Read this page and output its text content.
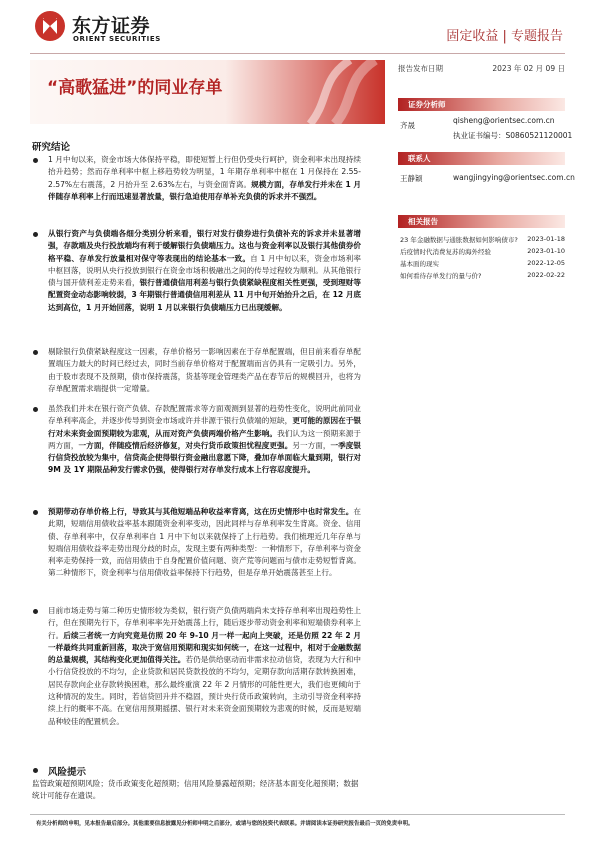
东方证券
ORIENT SECURITIES	固定收益 | 专题报告
“高歌猛进”的同业存单
报告发布日期	2023 年 02 月 09 日
证券分析师
齐晟
qisheng@orientsec.com.cn
执业证书编号：S0860521120001
联系人
王静颖	wangjingying@orientsec.com.cn
相关报告
23 年金融数据与通胀数据如何影响债市? 2023-01-18
后疫情时代消费复苏的海外经验	2023-01-10
基本面的现实	2022-12-05
如何看待存单发行的量与价?	2022-02-22
研究结论
1 月中旬以来，资金市场大体保持平稳，即使短暂上行但仍受央行呵护，资金利率未出现持续抬升趋势；然而存单利率中枢上移趋势较为明显，1 年期存单利率中枢在 1 月保持在 2.55-2.57%左右震荡，2 月抬升至 2.63%左右，与资金面背离。规模方面，存单发行并未在 1 月伴随存单利率上行而迅速显著放量，银行急迫使用存单补充负债的诉求并不强烈。
从银行资产与负债端各细分类别分析来看，银行对发行债券进行负债补充的诉求并未显著增强，存款端及央行投放端均有利于缓解银行负债端压力。这也与资金利率以及银行其他债券价格平稳、存单发行放量相对保守等表现出的结论基本一致。自 1 月中旬以来，资金市场利率中枢回落，说明从央行投放到银行在资金市场积极融出之间的传导过程较为顺利。从其他银行债与国开债利差走势来看，银行普通债信用利差与银行负债紧缺程度相关性更强，受到理财等配置资金动态影响较弱，3 年期银行普通债信用利差从 11 月中旬开始抬升之后，在 12 月底达到高位，1 月开始回落，说明 1 月以来银行负债端压力已出现缓解。
剔除银行负债紧缺程度这一因素，存单价格另一影响因素在于存单配置端，但目前来看存单配置端压力最大的时间已经过去，同时当前存单价格对于配置端而言仍具有一定吸引力。另外，由于股市表现不及预期，债市保持震荡，货基等现金管理类产品在春节后的规模回升，也将为存单配置需求端提供一定增量。
虽然我们并未在银行资产负债、存款配置需求等方面观测到显著的趋势性变化，说明此前同业存单利率高企，并逐步传导到资金市场或许并非源于银行负债端的短缺，更可能的原因在于银行对未来资金面预期较为悲观，从而对资产负债两端价格产生影响。我们认为这一预期来源于两方面，一方面，伴随疫情后经济修复，对央行货币政策担忧程度更强。另一方面，一季度银行信贷投放较为集中，信贷高企使得银行资金融出意愿下降，叠加存单面临大量到期，银行对 9M 及 1Y 期限品种发行需求仍强，使得银行对存单发行成本上行容忍度提升。
预期带动存单价格上行，导致其与其他短端品种收益率背离，这在历史情形中也时常发生。在此期，短端信用债收益率基本跟随资金利率变动，因此同样与存单利率发生背离。资金、信用债、存单利率中，仅存单利率自 1 月中下旬以来就保持了上行趋势。我们梳理近几年存单与短端信用债收益率走势出现分歧的时点，发现主要有两种类型：一种情形下，存单利率与资金利率走势保持一致，而信用债由于自身配置价值问题、资产荒等问题而与债市走势短暂背离。第二种情形下，资金利率与信用债收益率保持下行趋势，但是存单开始震荡甚至上行。
目前市场走势与第二种历史情形较为类似，银行资产负债两端尚未支持存单利率出现趋势性上行，但在预期先行下，存单利率率先开始震荡上行，随后逐步带动资金利率和短端债券利率上行。后续三者统一方向究竟是仿照 20 年 9-10 月一样一起向上突破，还是仿照 22 年 2 月一样最终共同重新回落，取决于宽信用预期和现实如何统一，在这一过程中，相对于金融数据的总量规模，其结构变化更加值得关注。若仍是供给驱动而非需求拉动信贷，表现为大行和中小行信贷投放的不均匀，企业贷款和居民贷款投放的不均匀，定期存款向活期存款转换困难，居民存款向企业存款转换困难，那么最终重演 22 年 2 月情形的可能性更大，我们也更倾向于这种情况的发生。同时，若信贷回升并不稳固，预计央行货币政策转向，主动引导资金利率持续上行的概率不高。在宽信用预期摇摆、银行对未来资金面预期较为悲观的时候，反而是短端品种较佳的配置机会。
风险提示
监管政策超预期风险；货币政策变化超预期；信用风险暴露超预期；经济基本面变化超预期；数据统计可能存在遗误。
有关分析师的申明，见本报告最后部分。其他重要信息披露见分析师申明之后部分，或请与您的投资代表联系。并请阅读本证券研究报告最后一页的免责申明。
